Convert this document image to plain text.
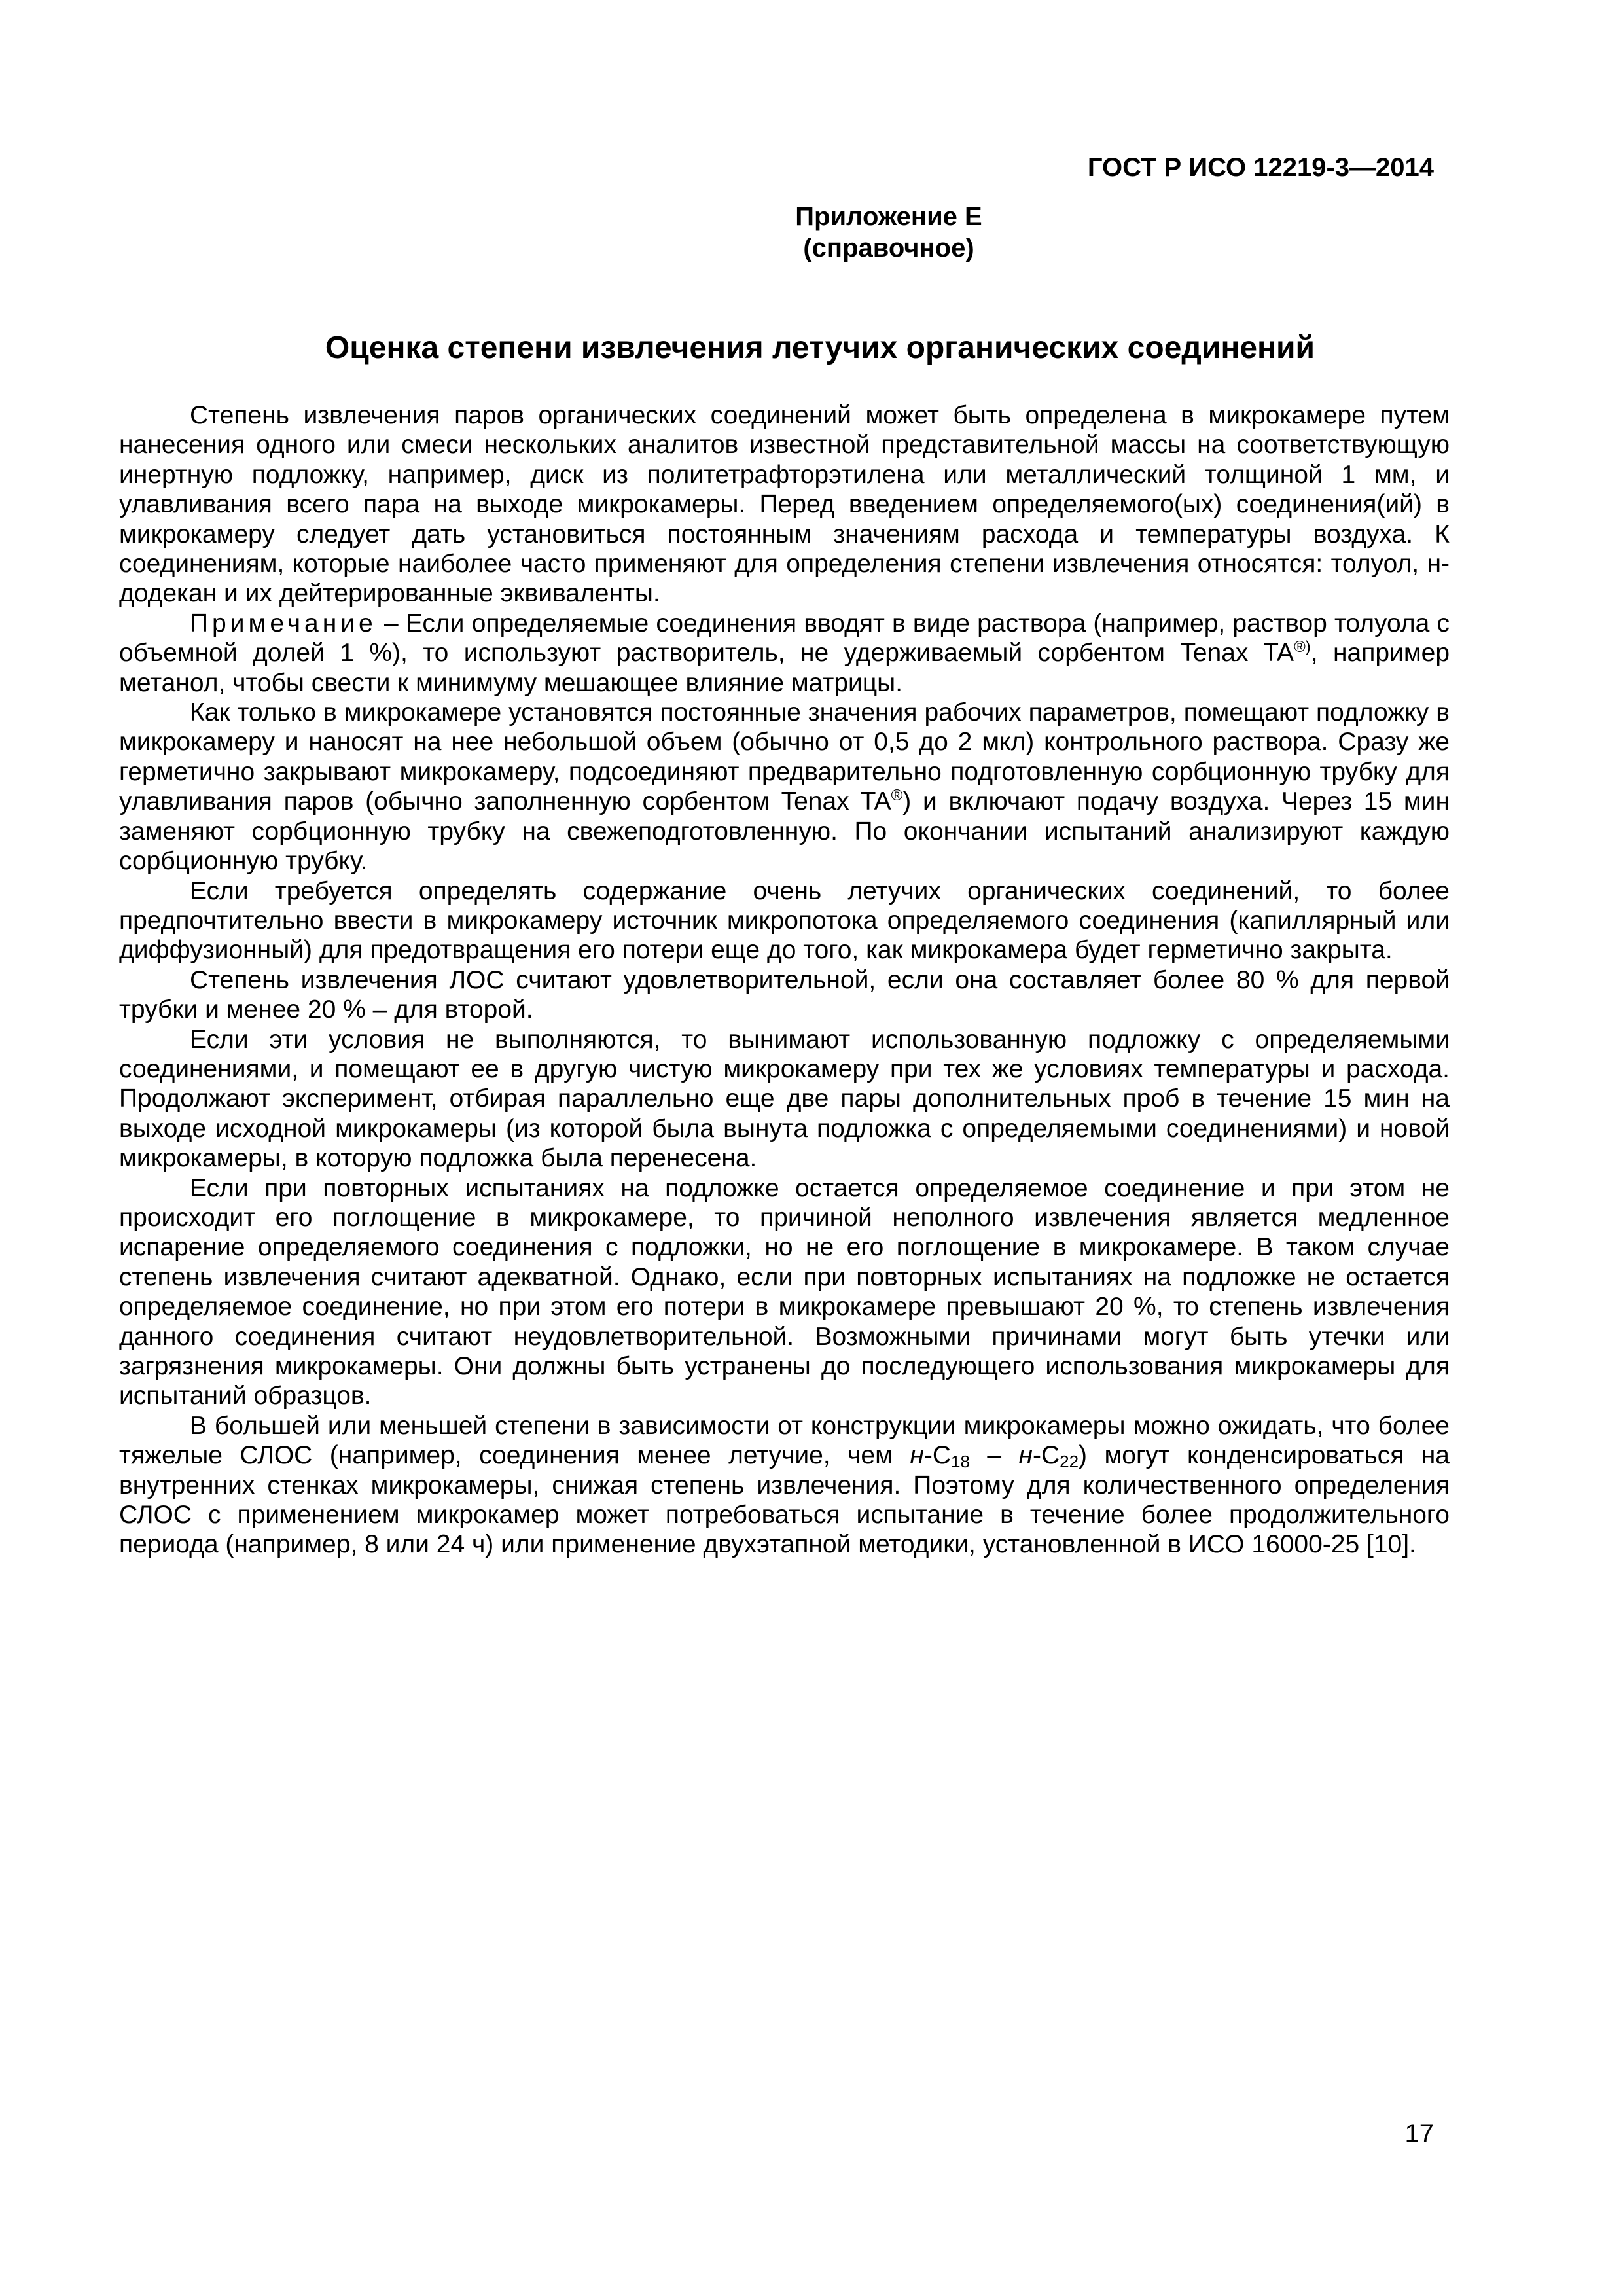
ГОСТ Р ИСО 12219-3—2014
Приложение Е
(справочное)
Оценка степени извлечения летучих органических соединений

Степень извлечения паров органических соединений может быть определена в микрокамере путем нанесения одного или смеси нескольких аналитов известной представительной массы на соответствующую инертную подложку, например, диск из политетрафторэтилена или металлический толщиной 1 мм, и улавливания всего пара на выходе микрокамеры. Перед введением определяемого(ых) соединения(ий) в микрокамеру следует дать установиться постоянным значениям расхода и температуры воздуха. К соединениям, которые наиболее часто применяют для определения степени извлечения относятся: толуол, н-додекан и их дейтерированные эквиваленты.

Примечание – Если определяемые соединения вводят в виде раствора (например, раствор толуола с объемной долей 1 %), то используют растворитель, не удерживаемый сорбентом Tenax TA®), например метанол, чтобы свести к минимуму мешающее влияние матрицы.

Как только в микрокамере установятся постоянные значения рабочих параметров, помещают подложку в микрокамеру и наносят на нее небольшой объем (обычно от 0,5 до 2 мкл) контрольного раствора. Сразу же герметично закрывают микрокамеру, подсоединяют предварительно подготовленную сорбционную трубку для улавливания паров (обычно заполненную сорбентом Tenax TA®) и включают подачу воздуха. Через 15 мин заменяют сорбционную трубку на свежеподготовленную. По окончании испытаний анализируют каждую сорбционную трубку.

Если требуется определять содержание очень летучих органических соединений, то более предпочтительно ввести в микрокамеру источник микропотока определяемого соединения (капиллярный или диффузионный) для предотвращения его потери еще до того, как микрокамера будет герметично закрыта.

Степень извлечения ЛОС считают удовлетворительной, если она составляет более 80 % для первой трубки и менее 20 % – для второй.

Если эти условия не выполняются, то вынимают использованную подложку с определяемыми соединениями, и помещают ее в другую чистую микрокамеру при тех же условиях температуры и расхода. Продолжают эксперимент, отбирая параллельно еще две пары дополнительных проб в течение 15 мин на выходе исходной микрокамеры (из которой была вынута подложка с определяемыми соединениями) и новой микрокамеры, в которую подложка была перенесена.

Если при повторных испытаниях на подложке остается определяемое соединение и при этом не происходит его поглощение в микрокамере, то причиной неполного извлечения является медленное испарение определяемого соединения с подложки, но не его поглощение в микрокамере. В таком случае степень извлечения считают адекватной. Однако, если при повторных испытаниях на подложке не остается определяемое соединение, но при этом его потери в микрокамере превышают 20 %, то степень извлечения данного соединения считают неудовлетворительной. Возможными причинами могут быть утечки или загрязнения микрокамеры. Они должны быть устранены до последующего использования микрокамеры для испытаний образцов.

В большей или меньшей степени в зависимости от конструкции микрокамеры можно ожидать, что более тяжелые СЛОС (например, соединения менее летучие, чем $н-C_{18} - н-C_{22}$) могут конденсироваться на внутренних стенках микрокамеры, снижая степень извлечения. Поэтому для количественного определения СЛОС с применением микрокамер может потребоваться испытание в течение более продолжительного периода (например, 8 или 24 ч) или применение двухэтапной методики, установленной в ИСО 16000-25 [10].

17
